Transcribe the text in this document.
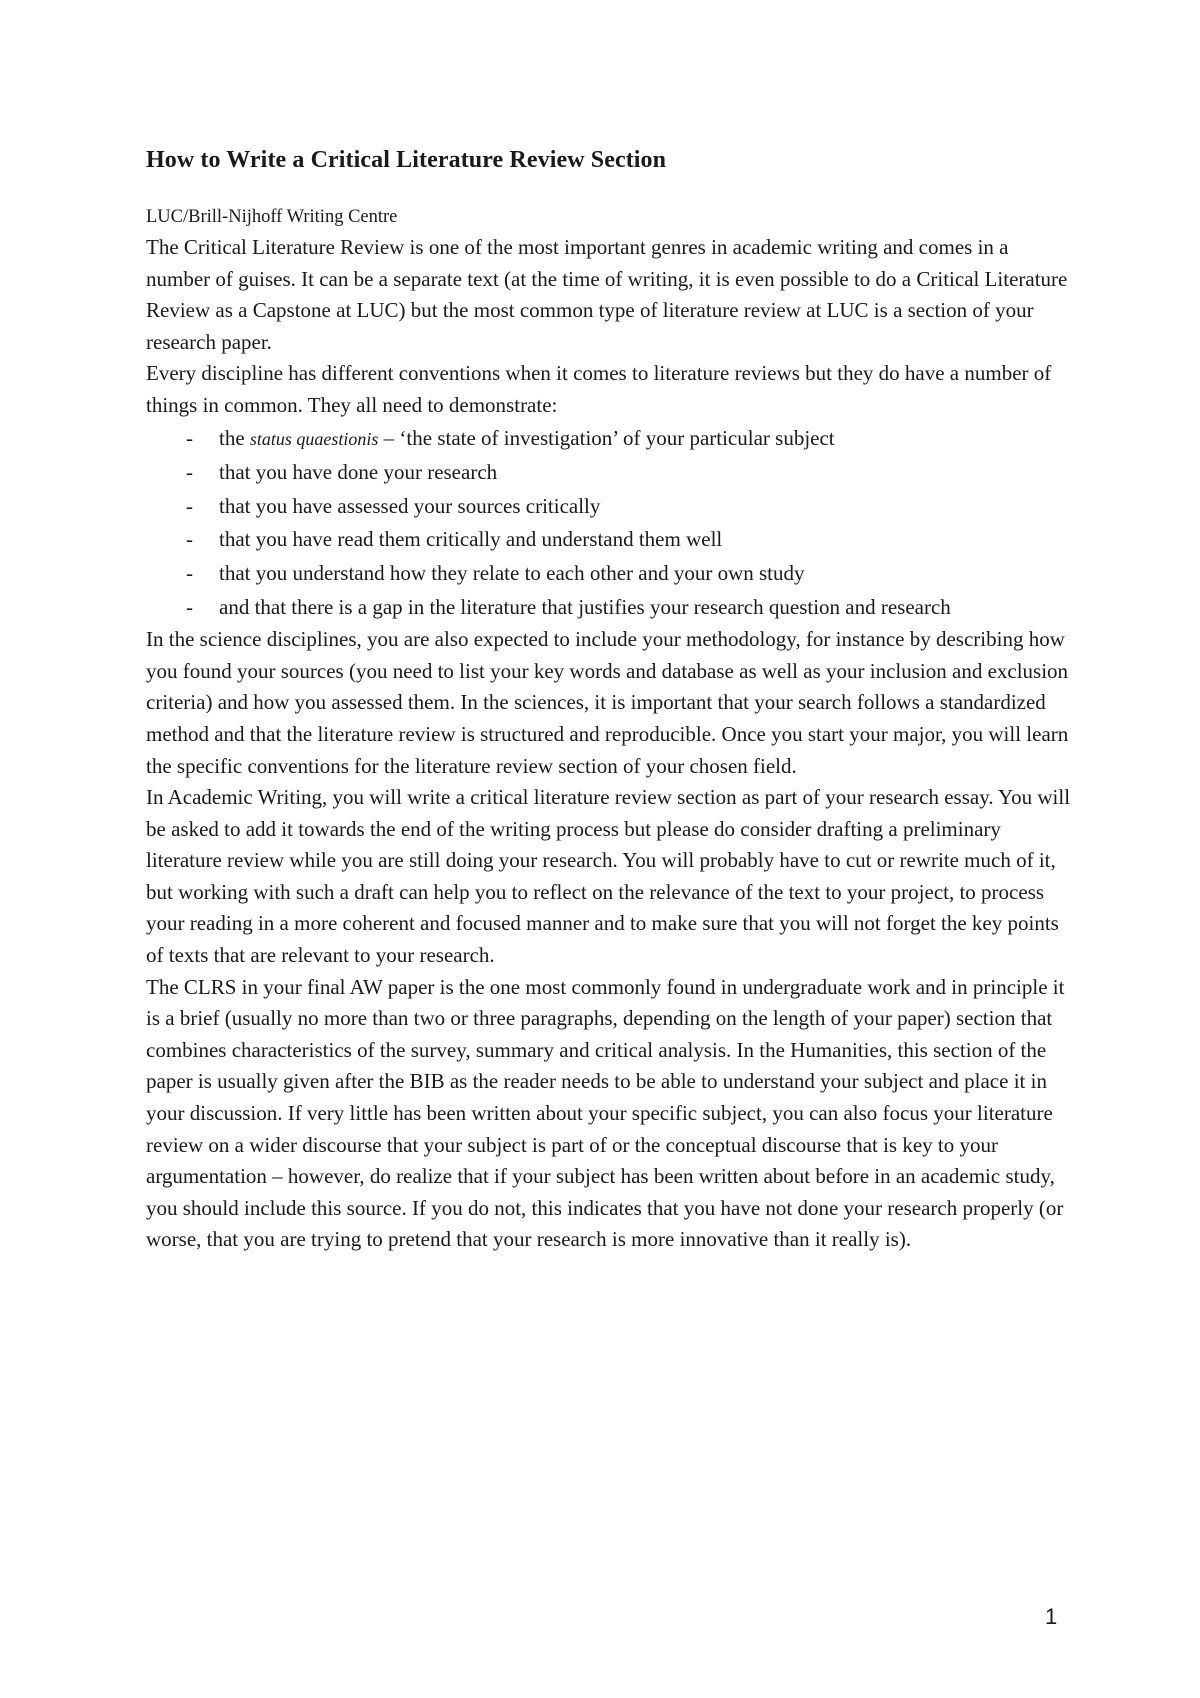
How to Write a Critical Literature Review Section
LUC/Brill-Nijhoff Writing Centre

The Critical Literature Review is one of the most important genres in academic writing and comes in a number of guises. It can be a separate text (at the time of writing, it is even possible to do a Critical Literature Review as a Capstone at LUC) but the most common type of literature review at LUC is a section of your research paper.

Every discipline has different conventions when it comes to literature reviews but they do have a number of things in common. They all need to demonstrate:

- the status quaestionis – ‘the state of investigation’ of your particular subject
- that you have done your research
- that you have assessed your sources critically
- that you have read them critically and understand them well
- that you understand how they relate to each other and your own study
- and that there is a gap in the literature that justifies your research question and research

In the science disciplines, you are also expected to include your methodology, for instance by describing how you found your sources (you need to list your key words and database as well as your inclusion and exclusion criteria) and how you assessed them. In the sciences, it is important that your search follows a standardized method and that the literature review is structured and reproducible. Once you start your major, you will learn the specific conventions for the literature review section of your chosen field.

In Academic Writing, you will write a critical literature review section as part of your research essay. You will be asked to add it towards the end of the writing process but please do consider drafting a preliminary literature review while you are still doing your research. You will probably have to cut or rewrite much of it, but working with such a draft can help you to reflect on the relevance of the text to your project, to process your reading in a more coherent and focused manner and to make sure that you will not forget the key points of texts that are relevant to your research.

The CLRS in your final AW paper is the one most commonly found in undergraduate work and in principle it is a brief (usually no more than two or three paragraphs, depending on the length of your paper) section that combines characteristics of the survey, summary and critical analysis. In the Humanities, this section of the paper is usually given after the BIB as the reader needs to be able to understand your subject and place it in your discussion. If very little has been written about your specific subject, you can also focus your literature review on a wider discourse that your subject is part of or the conceptual discourse that is key to your argumentation – however, do realize that if your subject has been written about before in an academic study, you should include this source. If you do not, this indicates that you have not done your research properly (or worse, that you are trying to pretend that your research is more innovative than it really is).

1
